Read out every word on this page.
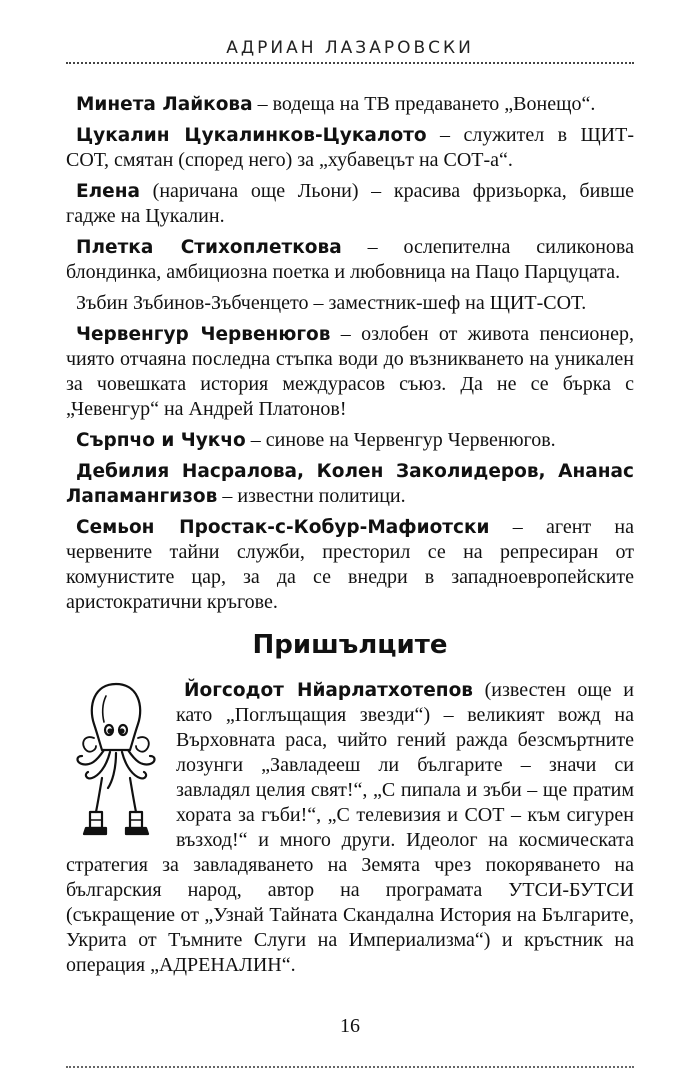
АДРИАН ЛАЗАРОВСКИ

Минета Лайкова – водеща на ТВ предаването „Вонещо“.

Цукалин Цукалинков-Цукалото – служител в ЩИТ-СОТ, смятан (според него) за „хубавецът на СОТ-а“.

Елена (наричана още Льони) – красива фризьорка, бивше гадже на Цукалин.

Плетка Стихоплеткова – ослепителна силиконова блондинка, амбициозна поетка и любовница на Пацо Парцуцата.

Зъбин Зъбинов-Зъбченцето – заместник-шеф на ЩИТ-СОТ.

Червенгур Червенюгов – озлобен от живота пенсионер, чиято отчаяна последна стъпка води до възникването на уникален за човешката история междурасов съюз. Да не се бърка с „Чевенгур“ на Андрей Платонов!

Сърпчо и Чукчо – синове на Червенгур Червенюгов.

Дебилия Насралова, Колен Заколидеров, Ананас Лапамангизов – известни политици.

Семьон Простак-с-Кобур-Мафиотски – агент на червените тайни служби, престорил се на репресиран от комунистите цар, за да се внедри в западноевропейските аристократични кръгове.

Пришълците

Йогсодот Нйарлатхотепов (известен още и като „Поглъщащия звезди“) – великият вожд на Върховната раса, чийто гений ражда безсмъртните лозунги „Завладееш ли българите – значи си завладял целия свят!“, „С пипала и зъби – ще пратим хората за гъби!“, „С телевизия и СОТ – към сигурен възход!“ и много други. Идеолог на космическата стратегия за завладяването на Земята чрез покоряването на българския народ, автор на програмата УТСИ-БУТСИ (съкращение от „Узнай Тайната Скандална История на Българите, Укрита от Тъмните Слуги на Империализма“) и кръстник на операция „АДРЕНАЛИН“.

16
